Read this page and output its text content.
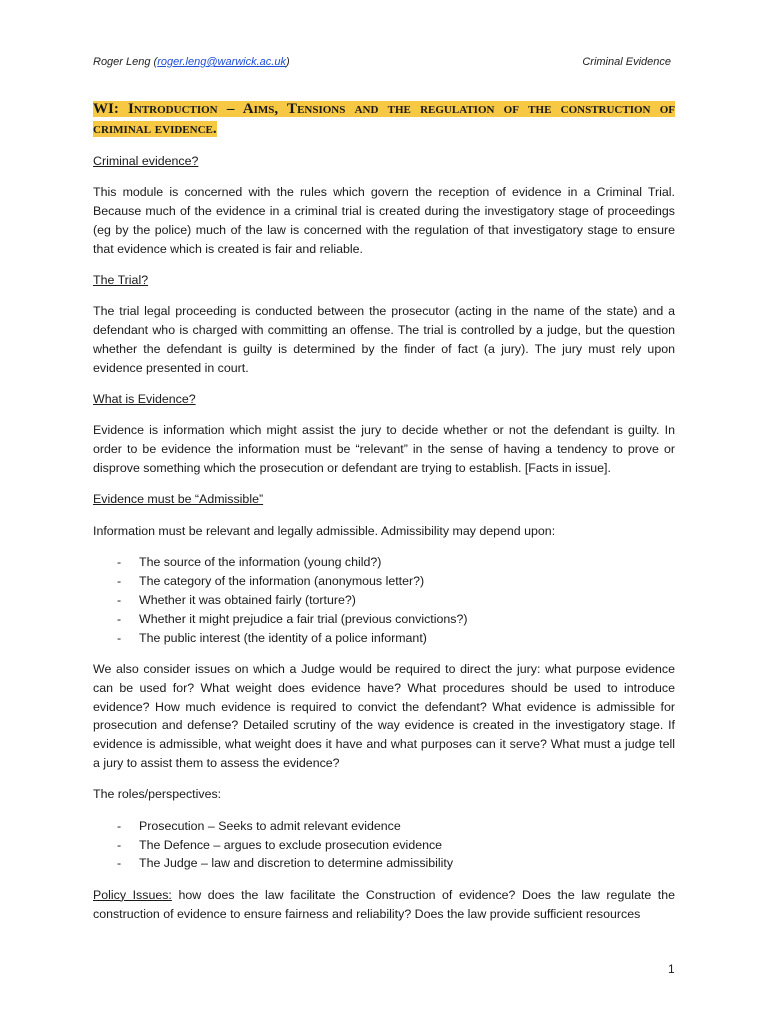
Roger Leng (roger.leng@warwick.ac.uk)	Criminal Evidence
WI: Introduction – Aims, Tensions and the regulation of the construction of criminal evidence.

Criminal evidence?

This module is concerned with the rules which govern the reception of evidence in a Criminal Trial. Because much of the evidence in a criminal trial is created during the investigatory stage of proceedings (eg by the police) much of the law is concerned with the regulation of that investigatory stage to ensure that evidence which is created is fair and reliable.

The Trial?

The trial legal proceeding is conducted between the prosecutor (acting in the name of the state) and a defendant who is charged with committing an offense. The trial is controlled by a judge, but the question whether the defendant is guilty is determined by the finder of fact (a jury). The jury must rely upon evidence presented in court.

What is Evidence?

Evidence is information which might assist the jury to decide whether or not the defendant is guilty. In order to be evidence the information must be “relevant” in the sense of having a tendency to prove or disprove something which the prosecution or defendant are trying to establish. [Facts in issue].

Evidence must be “Admissible”

Information must be relevant and legally admissible. Admissibility may depend upon:

- The source of the information (young child?)
- The category of the information (anonymous letter?)
- Whether it was obtained fairly (torture?)
- Whether it might prejudice a fair trial (previous convictions?)
- The public interest (the identity of a police informant)

We also consider issues on which a Judge would be required to direct the jury: what purpose evidence can be used for? What weight does evidence have? What procedures should be used to introduce evidence? How much evidence is required to convict the defendant? What evidence is admissible for prosecution and defense? Detailed scrutiny of the way evidence is created in the investigatory stage. If evidence is admissible, what weight does it have and what purposes can it serve? What must a judge tell a jury to assist them to assess the evidence?

The roles/perspectives:

- Prosecution – Seeks to admit relevant evidence
- The Defence – argues to exclude prosecution evidence
- The Judge – law and discretion to determine admissibility

Policy Issues: how does the law facilitate the Construction of evidence? Does the law regulate the construction of evidence to ensure fairness and reliability? Does the law provide sufficient resources

1
